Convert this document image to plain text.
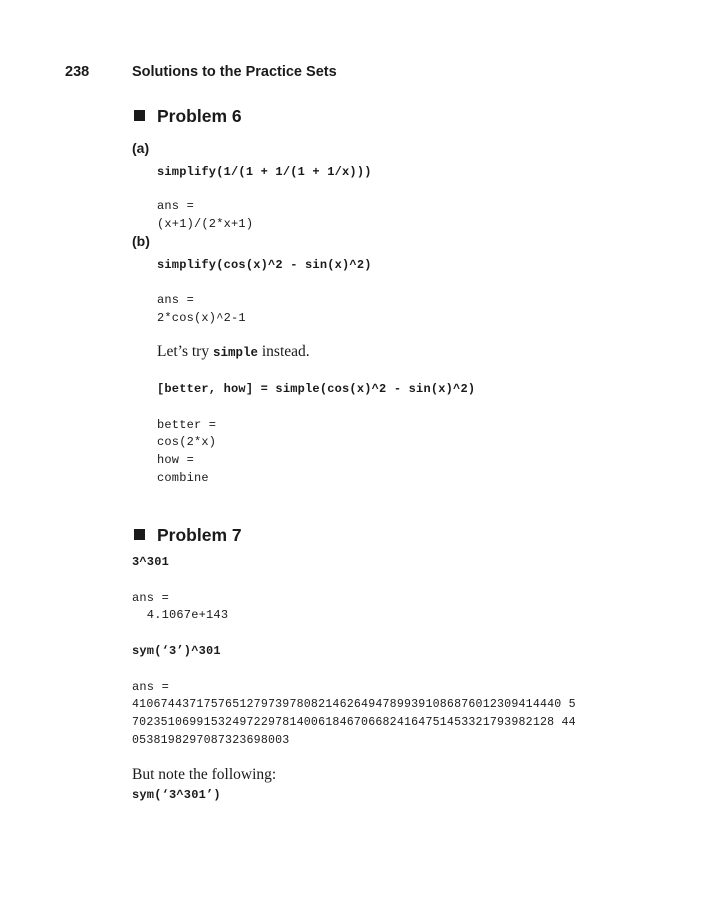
238	Solutions to the Practice Sets
Problem 6
(a)
simplify(1/(1 + 1/(1 + 1/x)))
ans =
(x+1)/(2*x+1)
(b)
simplify(cos(x)^2 - sin(x)^2)
ans =
2*cos(x)^2-1
Let’s try simple instead.
[better, how] = simple(cos(x)^2 - sin(x)^2)
better =
cos(2*x)
how =
combine
Problem 7
3^301
ans =
4.1067e+143
sym(‘3’)^301
ans =
410674437175765127973978082146264947899391086876012309414440 5
70235106991532497229781400618467066824164751453321793982128 44
0538198297087323698003
But note the following:
sym(‘3^301’)
